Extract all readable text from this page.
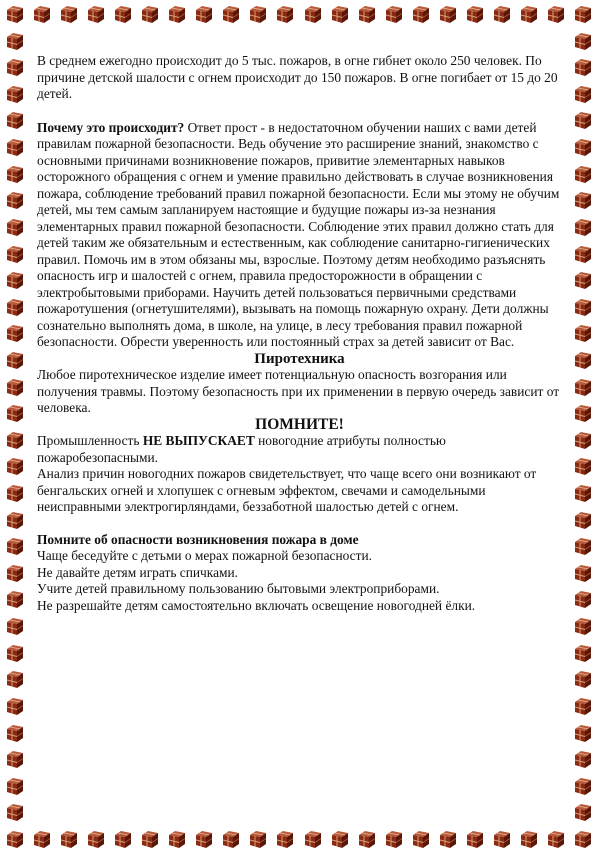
В среднем ежегодно происходит до 5 тыс. пожаров, в огне гибнет около 250 человек. По причине детской шалости с огнем происходит до 150 пожаров. В огне погибает от 15 до 20 детей.

Почему это происходит? Ответ прост - в недостаточном обучении наших с вами детей правилам пожарной безопасности. Ведь обучение это расширение знаний, знакомство с основными причинами возникновение пожаров, привитие элементарных навыков осторожного обращения с огнем и умение правильно действовать в случае возникновения пожара, соблюдение требований правил пожарной безопасности. Если мы этому не обучим детей, мы тем самым запланируем настоящие и будущие пожары из-за незнания элементарных правил пожарной безопасности. Соблюдение этих правил должно стать для детей таким же обязательным и естественным, как соблюдение санитарно-гигиенических правил. Помочь им в этом обязаны мы, взрослые. Поэтому детям необходимо разъяснять опасность игр и шалостей с огнем, правила предосторожности в обращении с электробытовыми приборами. Научить детей пользоваться первичными средствами пожаротушения (огнетушителями), вызывать на помощь пожарную охрану. Дети должны сознательно выполнять дома, в школе, на улице, в лесу требования правил пожарной безопасности. Обрести уверенность или постоянный страх за детей зависит от Вас.

Пиротехника

Любое пиротехническое изделие имеет потенциальную опасность возгорания или получения травмы. Поэтому безопасность при их применении в первую очередь зависит от человека.

ПОМНИТЕ!

Промышленность НЕ ВЫПУСКАЕТ новогодние атрибуты полностью пожаробезопасными.

Анализ причин новогодних пожаров свидетельствует, что чаще всего они возникают от бенгальских огней и хлопушек с огневым эффектом, свечами и самодельными неисправными электрогирляндами, беззаботной шалостью детей с огнем.

Помните об опасности возникновения пожара в доме

Чаще беседуйте с детьми о мерах пожарной безопасности.

Не давайте детям играть спичками.

Учите детей правильному пользованию бытовыми электроприборами.

Не разрешайте детям самостоятельно включать освещение новогодней ёлки.
